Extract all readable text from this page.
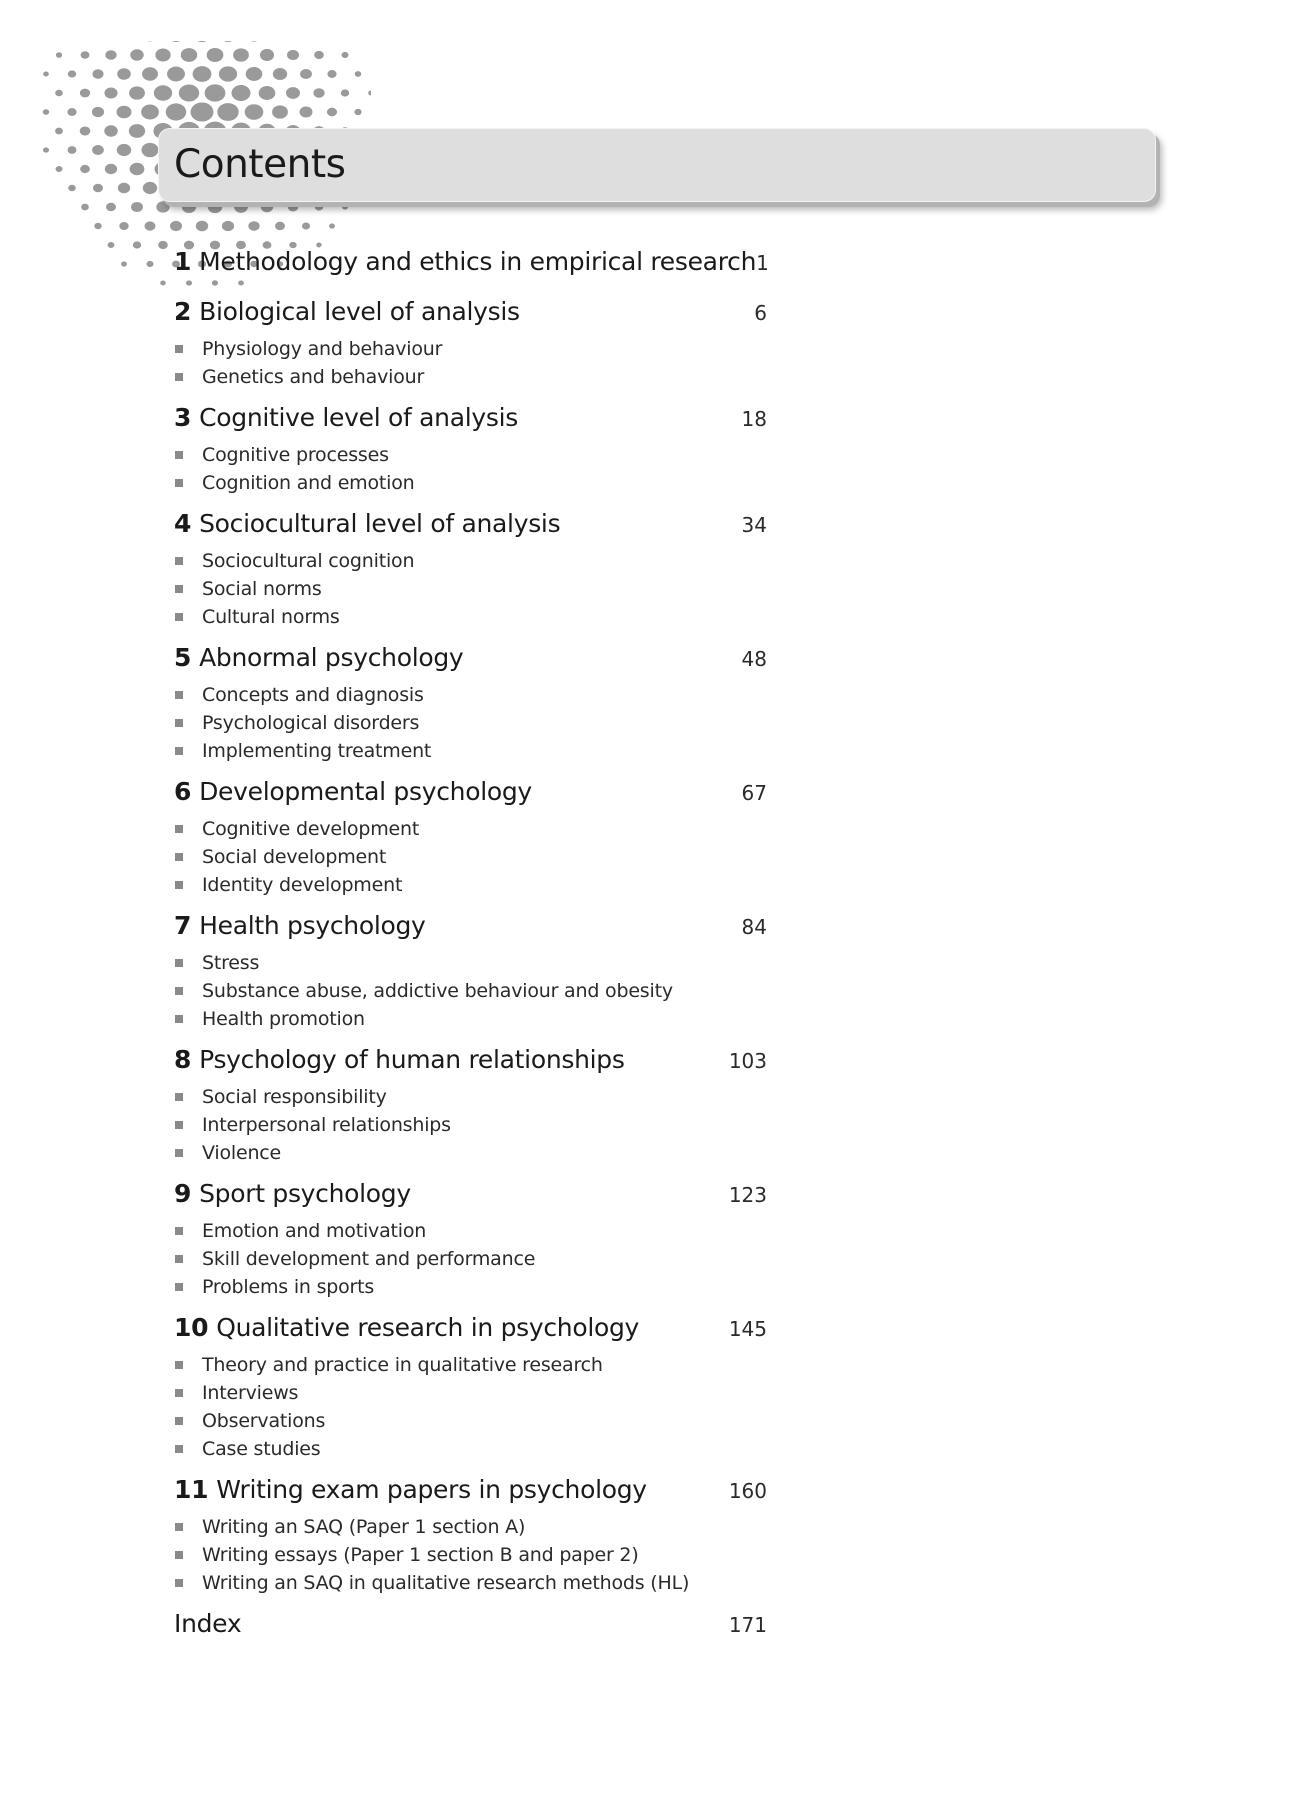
Contents
1 Methodology and ethics in empirical research 1
2 Biological level of analysis	6
Physiology and behaviour
Genetics and behaviour
3 Cognitive level of analysis	18
Cognitive processes
Cognition and emotion
4 Sociocultural level of analysis	34
Sociocultural cognition
Social norms
Cultural norms
5 Abnormal psychology	48
Concepts and diagnosis
Psychological disorders
Implementing treatment
6 Developmental psychology	67
Cognitive development
Social development
Identity development
7 Health psychology	84
Stress
Substance abuse, addictive behaviour and obesity
Health promotion
8 Psychology of human relationships	103
Social responsibility
Interpersonal relationships
Violence
9 Sport psychology	123
Emotion and motivation
Skill development and performance
Problems in sports
10 Qualitative research in psychology	145
Theory and practice in qualitative research
Interviews
Observations
Case studies
11 Writing exam papers in psychology	160
Writing an SAQ (Paper 1 section A)
Writing essays (Paper 1 section B and paper 2)
Writing an SAQ in qualitative research methods (HL)
Index	171
